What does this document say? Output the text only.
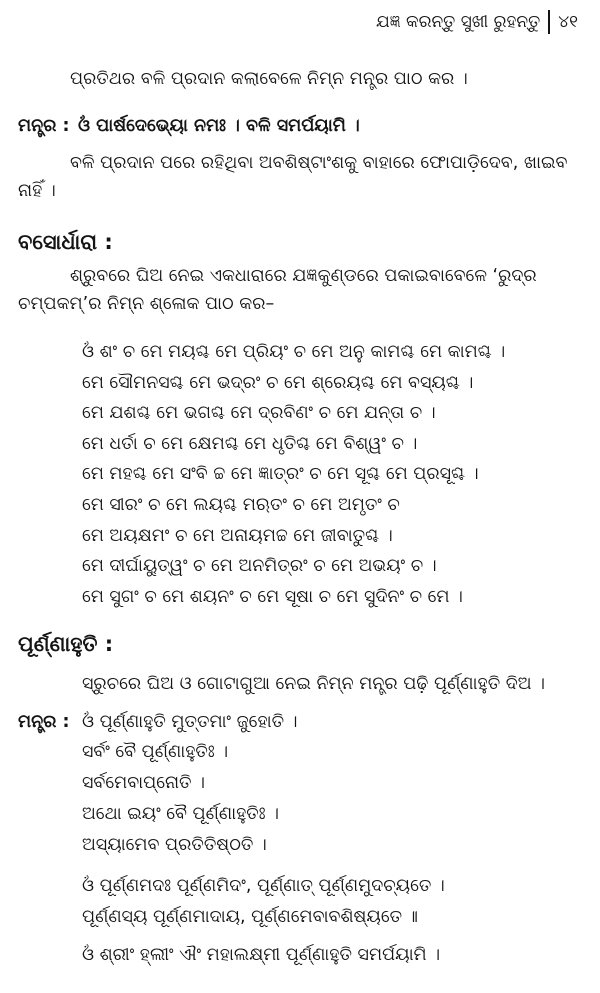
ଯଜ୍ଞ କରନ୍ତୁ ସୁଖୀ ରୁହନ୍ତୁ ୪୧
ପ୍ରତିଥର ବଳି ପ୍ରଦାନ କଲାବେଳେ ନିମ୍ନ ମନ୍ତ୍ର ପାଠ କର ।
ମନ୍ତ୍ର : ଓଁ ପାର୍ଷଦେଭ୍ୟୋ ନମଃ । ବଳି ସମର୍ପୟାମି ।
ବଳି ପ୍ରଦାନ ପରେ ରହିଥିବା ଅବଶିଷ୍ଟାଂଶକୁ ବାହାରେ ଫୋପାଡ଼ିଦେବ, ଖାଇବ
ନାହିଁ ।
ବସୋର୍ଧାରା :
ଶ୍ରୁବରେ ଘିଅ ନେଇ ଏକଧାରାରେ ଯଜ୍ଞକୁଣ୍ଡରେ ପକାଇବାବେଳେ ‘ରୁଦ୍ର
ଚମ୍ପକମ୍’ର ନିମ୍ନ ଶ୍ଳୋକ ପାଠ କର–
ଓଁ ଶଂ ଚ ମେ ମୟଶ୍ଚ ମେ ପ୍ରିୟଂ ଚ ମେ ଅନୁ କାମଶ୍ଚ ମେ କାମଶ୍ଚ ।
ମେ ସୌମନସଶ୍ଚ ମେ ଭଦ୍ରଂ ଚ ମେ ଶ୍ରେୟଶ୍ଚ ମେ ବସ୍ୟଶ୍ଚ ।
ମେ ଯଶଶ୍ଚ ମେ ଭଗଶ୍ଚ ମେ ଦ୍ରବିଣଂ ଚ ମେ ଯନ୍ତା ଚ ।
ମେ ଧର୍ତା ଚ ମେ କ୍ଷେମଶ୍ଚ ମେ ଧୃତିଶ୍ଚ ମେ ବିଶ୍ୱଂ ଚ ।
ମେ ମହଶ୍ଚ ମେ ସଂବି ଚ୍ଚ ମେ ଜ୍ଞାତ୍ରଂ ଚ ମେ ସୂଶ୍ଚ ମେ ପ୍ରସୂଶ୍ଚ ।
ମେ ସୀରଂ ଚ ମେ ଲୟଶ୍ଚ ମଋତଂ ଚ ମେ ଅମୃତଂ ଚ
ମେ ଅୟକ୍ଷମଂ ଚ ମେ ଅନାୟମଚ୍ଚ ମେ ଜୀବାତୁଶ୍ଚ ।
ମେ ଦୀର୍ଘାୟୁତ୍ୱଂ ଚ ମେ ଅନମିତ୍ରଂ ଚ ମେ ଅଭୟଂ ଚ ।
ମେ ସୁଗଂ ଚ ମେ ଶୟନଂ ଚ ମେ ସୂଷା ଚ ମେ ସୁଦିନଂ ଚ ମେ ।
ପୂର୍ଣ୍ଣାହୁତି :
ସ୍ରୁଚରେ ଘିଅ ଓ ଗୋଟାଗୁଆ ନେଇ ନିମ୍ନ ମନ୍ତ୍ର ପଢ଼ି ପୂର୍ଣ୍ଣାହୁତି ଦିଅ ।
ମନ୍ତ୍ର : ଓଁ ପୂର୍ଣ୍ଣାହୁତି ମୁତ୍ତମାଂ ଜୁହୋତି ।
ସର୍ବଂ ବୈ ପୂର୍ଣ୍ଣାହୁତିଃ ।
ସର୍ବମେବାପ୍ନୋତି ।
ଅଥୋ ଇୟଂ ବୈ ପୂର୍ଣ୍ଣାହୁତିଃ ।
ଅସ୍ୟାମେବ ପ୍ରତିତିଷ୍ଠତି ।
ଓଁ ପୂର୍ଣ୍ଣମଦଃ ପୂର୍ଣ୍ଣମିଦଂ, ପୂର୍ଣ୍ଣାତ୍ ପୂର୍ଣ୍ଣମୁଦଚ୍ୟତେ ।
ପୂର୍ଣ୍ଣସ୍ୟ ପୂର୍ଣ୍ଣମାଦାୟ, ପୂର୍ଣ୍ଣମେବାବଶିଷ୍ୟତେ ॥
ଓଁ ଶ୍ରୀଂ ହ୍ଲୀଂ ଐଂ ମହାଲକ୍ଷ୍ମୀ ପୂର୍ଣ୍ଣାହୁତି ସମର୍ପୟାମି ।
